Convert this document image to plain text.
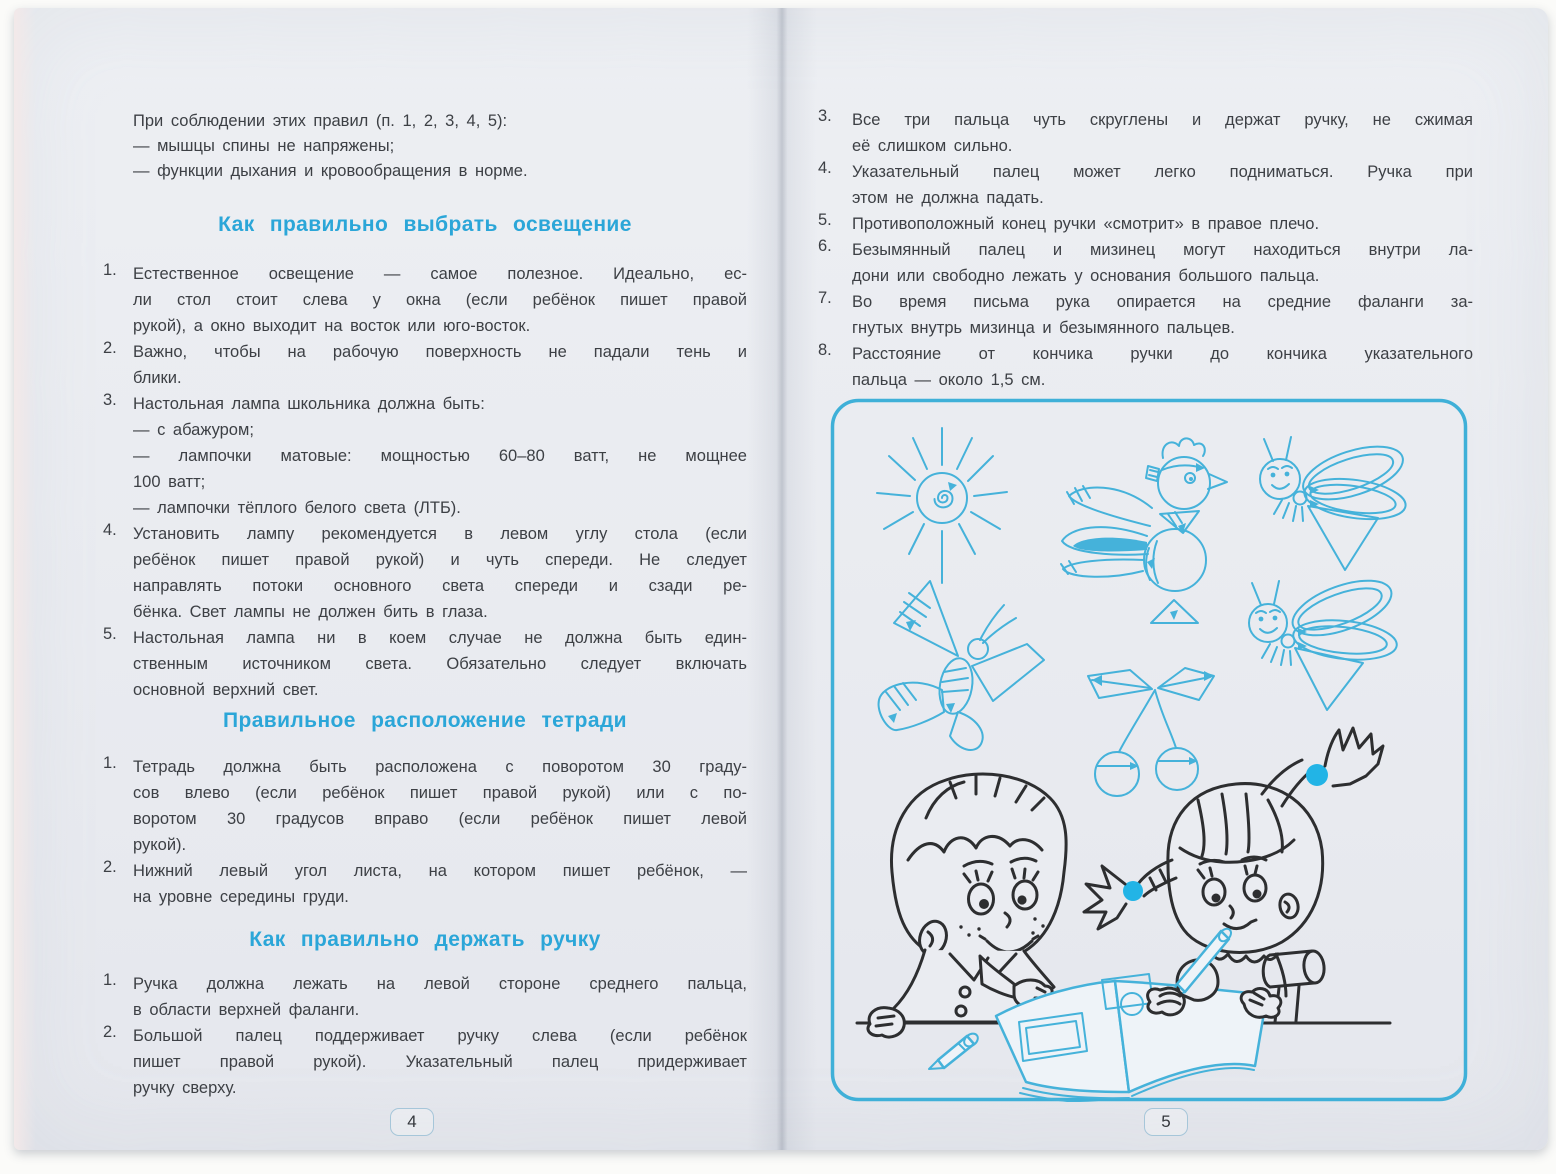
При соблюдении этих правил (п. 1, 2, 3, 4, 5):
— мышцы спины не напряжены;
— функции дыхания и кровообращения в норме.
Как правильно выбрать освещение
1. Естественное освещение — самое полезное. Идеально, ес-
ли стол стоит слева у окна (если ребёнок пишет правой
рукой), а окно выходит на восток или юго-восток.
2. Важно, чтобы на рабочую поверхность не падали тень и
блики.
3. Настольная лампа школьника должна быть:
— с абажуром;
— лампочки матовые: мощностью 60–80 ватт, не мощнее
100 ватт;
— лампочки тёплого белого света (ЛТБ).
4. Установить лампу рекомендуется в левом углу стола (если
ребёнок пишет правой рукой) и чуть спереди. Не следует
направлять потоки основного света спереди и сзади ре-
бёнка. Свет лампы не должен бить в глаза.
5. Настольная лампа ни в коем случае не должна быть един-
ственным источником света. Обязательно следует включать
основной верхний свет.
Правильное расположение тетради
1. Тетрадь должна быть расположена с поворотом 30 граду-
сов влево (если ребёнок пишет правой рукой) или с по-
воротом 30 градусов вправо (если ребёнок пишет левой
рукой).
2. Нижний левый угол листа, на котором пишет ребёнок, —
на уровне середины груди.
Как правильно держать ручку
1. Ручка должна лежать на левой стороне среднего пальца,
в области верхней фаланги.
2. Большой палец поддерживает ручку слева (если ребёнок
пишет правой рукой). Указательный палец придерживает
ручку сверху.
4
3.	Все три пальца чуть скруглены и держат ручку, не сжимая
её слишком сильно.
4.	Указательный палец может легко подниматься. Ручка при
этом не должна падать.
5.	Противоположный конец ручки «смотрит» в правое плечо.
6.	Безымянный палец и мизинец могут находиться внутри ла-
дони или свободно лежать у основания большого пальца.
7.	Во время письма рука опирается на средние фаланги за-
гнутых внутрь мизинца и безымянного пальцев.
8.	Расстояние от кончика ручки до кончика указательного
пальца — около 1,5 см.
5
